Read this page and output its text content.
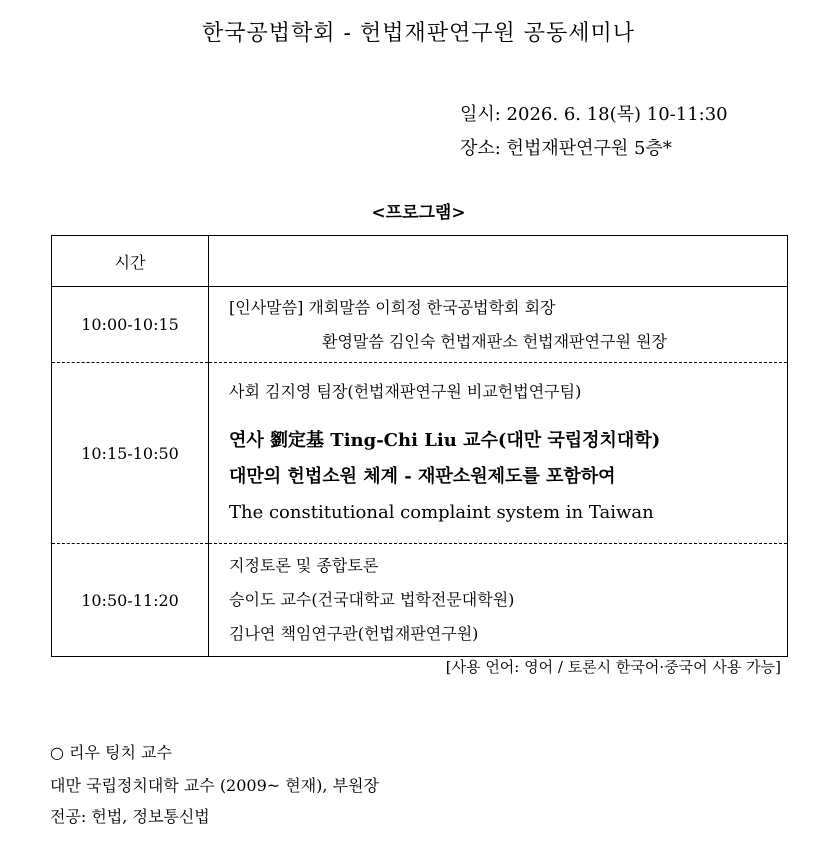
한국공법학회 - 헌법재판연구원 공동세미나
일시: 2026. 6. 18(목) 10-11:30
장소: 헌법재판연구원 5층*
<프로그램>
시간	
10:00-10:15	[인사말씀] 개회말씀 이희정 한국공법학회 회장
환영말씀 김인숙 헌법재판소 헌법재판연구원 원장

10:15-10:50	사회 김지영 팀장(헌법재판연구원 비교헌법연구팀)
연사 劉定基 Ting-Chi Liu 교수(대만 국립정치대학)
대만의 헌법소원 체계 - 재판소원제도를 포함하여
The constitutional complaint system in Taiwan

10:50-11:20	지정토론 및 종합토론
승이도 교수(건국대학교 법학전문대학원)
김나연 책임연구관(헌법재판연구원)
[사용 언어: 영어 / 토론시 한국어·중국어 사용 가능]
○ 리우 팅치 교수
대만 국립정치대학 교수 (2009~ 현재), 부원장
전공: 헌법, 정보통신법
